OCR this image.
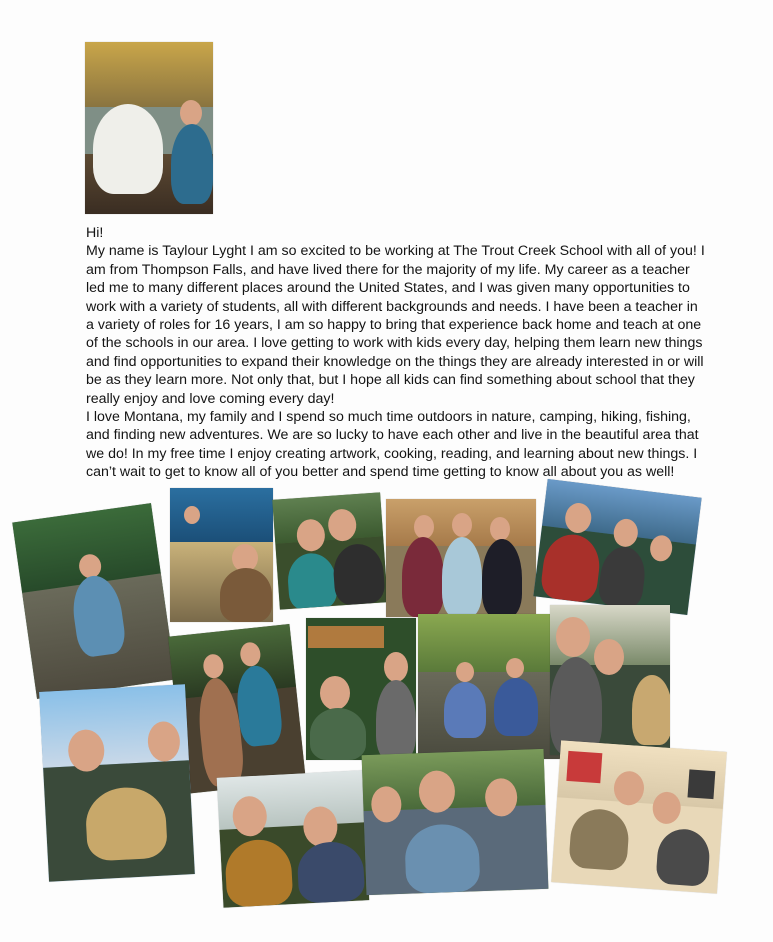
Hi!

My name is Taylour Lyght I am so excited to be working at The Trout Creek School with all of you! I am from Thompson Falls, and have lived there for the majority of my life. My career as a teacher led me to many different places around the United States, and I was given many opportunities to work with a variety of students, all with different backgrounds and needs. I have been a teacher in a variety of roles for 16 years, I am so happy to bring that experience back home and teach at one of the schools in our area. I love getting to work with kids every day, helping them learn new things and find opportunities to expand their knowledge on the things they are already interested in or will be as they learn more. Not only that, but I hope all kids can find something about school that they really enjoy and love coming every day!

I love Montana, my family and I spend so much time outdoors in nature, camping, hiking, fishing, and finding new adventures. We are so lucky to have each other and live in the beautiful area that we do! In my free time I enjoy creating artwork, cooking, reading, and learning about new things. I can’t wait to get to know all of you better and spend time getting to know all about you as well!
